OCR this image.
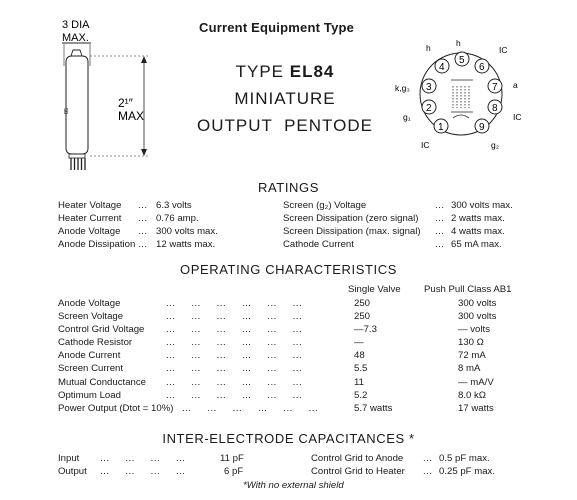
Current Equipment Type
TYPE EL84
MINIATURE
OUTPUT  PENTODE
3 DIA
MAX.
85
2¹″
MAX
1
2
3
4
5
6
7
8
9
h	h
IC
a
k,g₃
g₁	IC
IC	g₂
RATINGS
Heater Voltage ... 6.3 volts
Heater Current ... 0.76 amp.
Anode Voltage ... 300 volts max.
Anode Dissipation ... 12 watts max.
Screen (g₂) Voltage	... 300 volts max.
Screen Dissipation (zero signal) ... 2 watts max.
Screen Dissipation (max. signal) ... 4 watts max.
Cathode Current	... 65 mA max.
OPERATING CHARACTERISTICS
Single Valve Push Pull Class AB1
Anode Voltage	...     ...     ...     ...     ...     ...	250	300 volts
Screen Voltage	...     ...     ...     ...     ...     ...	250	300 volts
Control Grid Voltage ...     ...     ...     ...     ...     ...	—7.3	— volts
Cathode Resistor	...     ...     ...     ...     ...     ...	—	130 Ω
Anode Current	...     ...     ...     ...     ...     ...	48	72 mA
Screen Current	...     ...     ...     ...     ...     ...	5.5	8 mA
Mutual Conductance ...     ...     ...     ...     ...     ...	11	— mA/V
Optimum Load	...     ...     ...     ...     ...     ...	5.2	8.0 kΩ
Power Output (Dtot = 10%) ...     ...     ...     ...     ...     ...	5.7 watts	17 watts
INTER-ELECTRODE CAPACITANCES *
Input ...     ...     ...     ...	11 pF
Output ...     ...     ...     ...	6 pF
Control Grid to Anode ... 0.5 pF max.
Control Grid to Heater ... 0.25 pF max.
*With no external shield
